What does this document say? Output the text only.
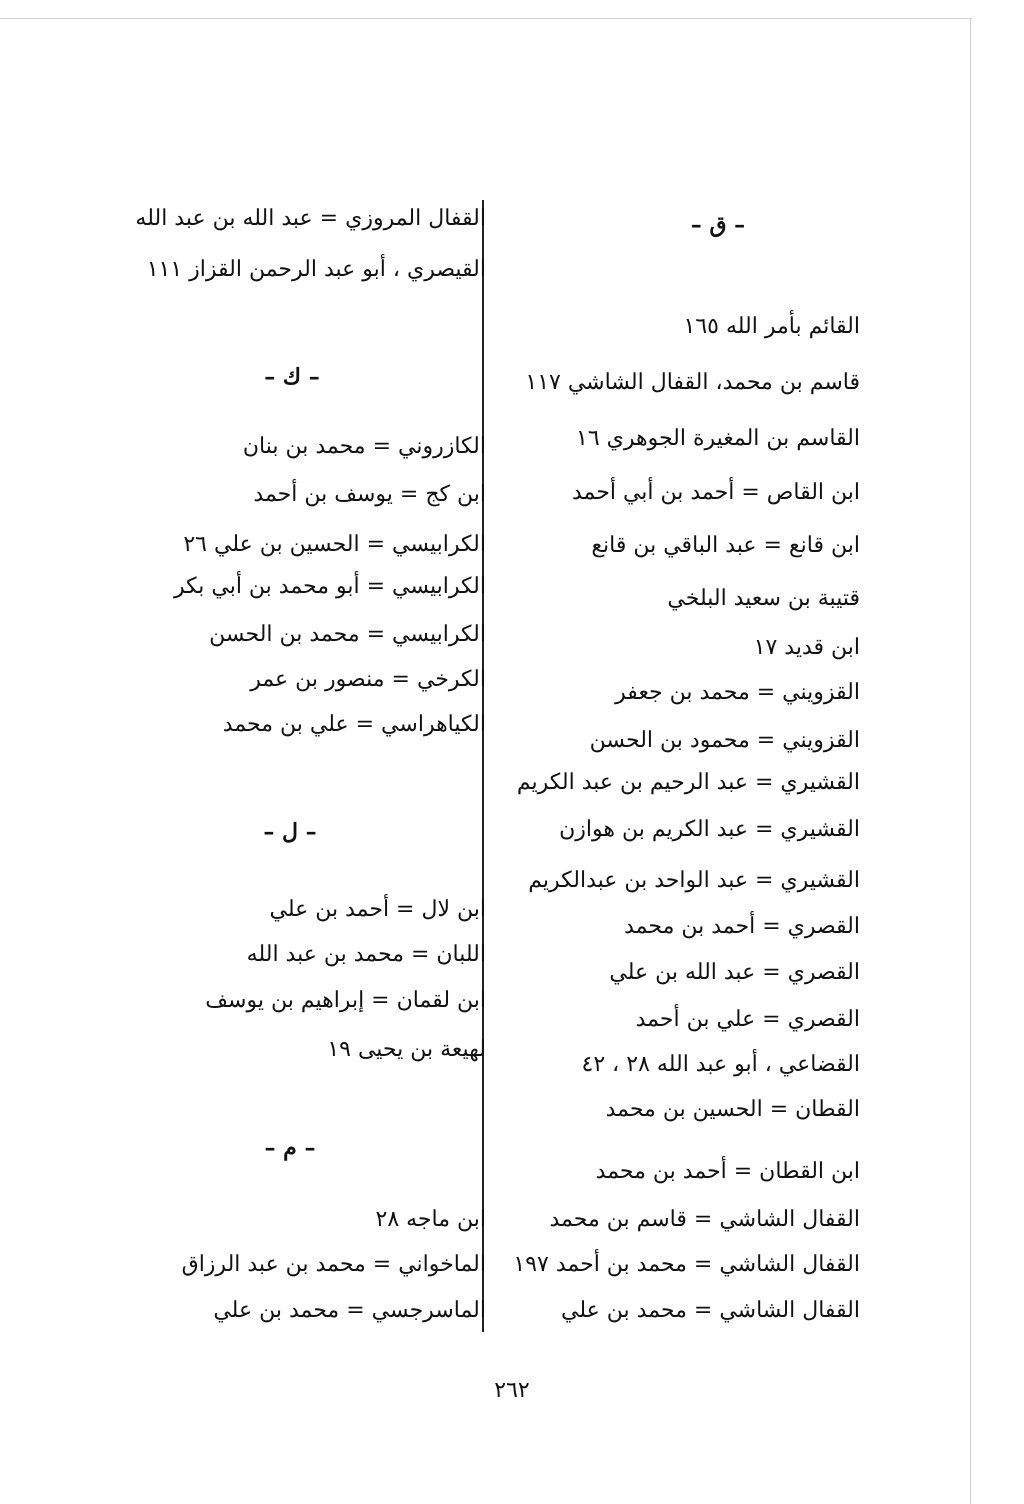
– ق –
القائم بأمر الله ١٦٥
قاسم بن محمد، القفال الشاشي ١١٧
القاسم بن المغيرة الجوهري ١٦
ابن القاص = أحمد بن أبي أحمد
ابن قانع = عبد الباقي بن قانع
قتيبة بن سعيد البلخي
ابن قديد ١٧
القزويني = محمد بن جعفر
القزويني = محمود بن الحسن
القشيري = عبد الرحيم بن عبد الكريم
القشيري = عبد الكريم بن هوازن
القشيري = عبد الواحد بن عبدالكريم
القصري = أحمد بن محمد
القصري = عبد الله بن علي
القصري = علي بن أحمد
القضاعي ، أبو عبد الله ٢٨ ، ٤٢
القطان = الحسين بن محمد
ابن القطان = أحمد بن محمد
القفال الشاشي = قاسم بن محمد
القفال الشاشي = محمد بن أحمد ١٩٧
القفال الشاشي = محمد بن علي
القفال المروزي = عبد الله بن عبد الله
القيصري ، أبو عبد الرحمن القزاز ١١١
– ك –
الكازروني = محمد بن بنان
ابن كج = يوسف بن أحمد
الكرابيسي = الحسين بن علي ٢٦
الكرابيسي = أبو محمد بن أبي بكر
الكرابيسي = محمد بن الحسن
الكرخي = منصور بن عمر
الكياهراسي = علي بن محمد
– ل –
ابن لال = أحمد بن علي
اللبان = محمد بن عبد الله
ابن لقمان = إبراهيم بن يوسف
لهيعة بن يحيى ١٩
– م –
ابن ماجه ٢٨
الماخواني = محمد بن عبد الرزاق
الماسرجسي = محمد بن علي
٢٦٢
